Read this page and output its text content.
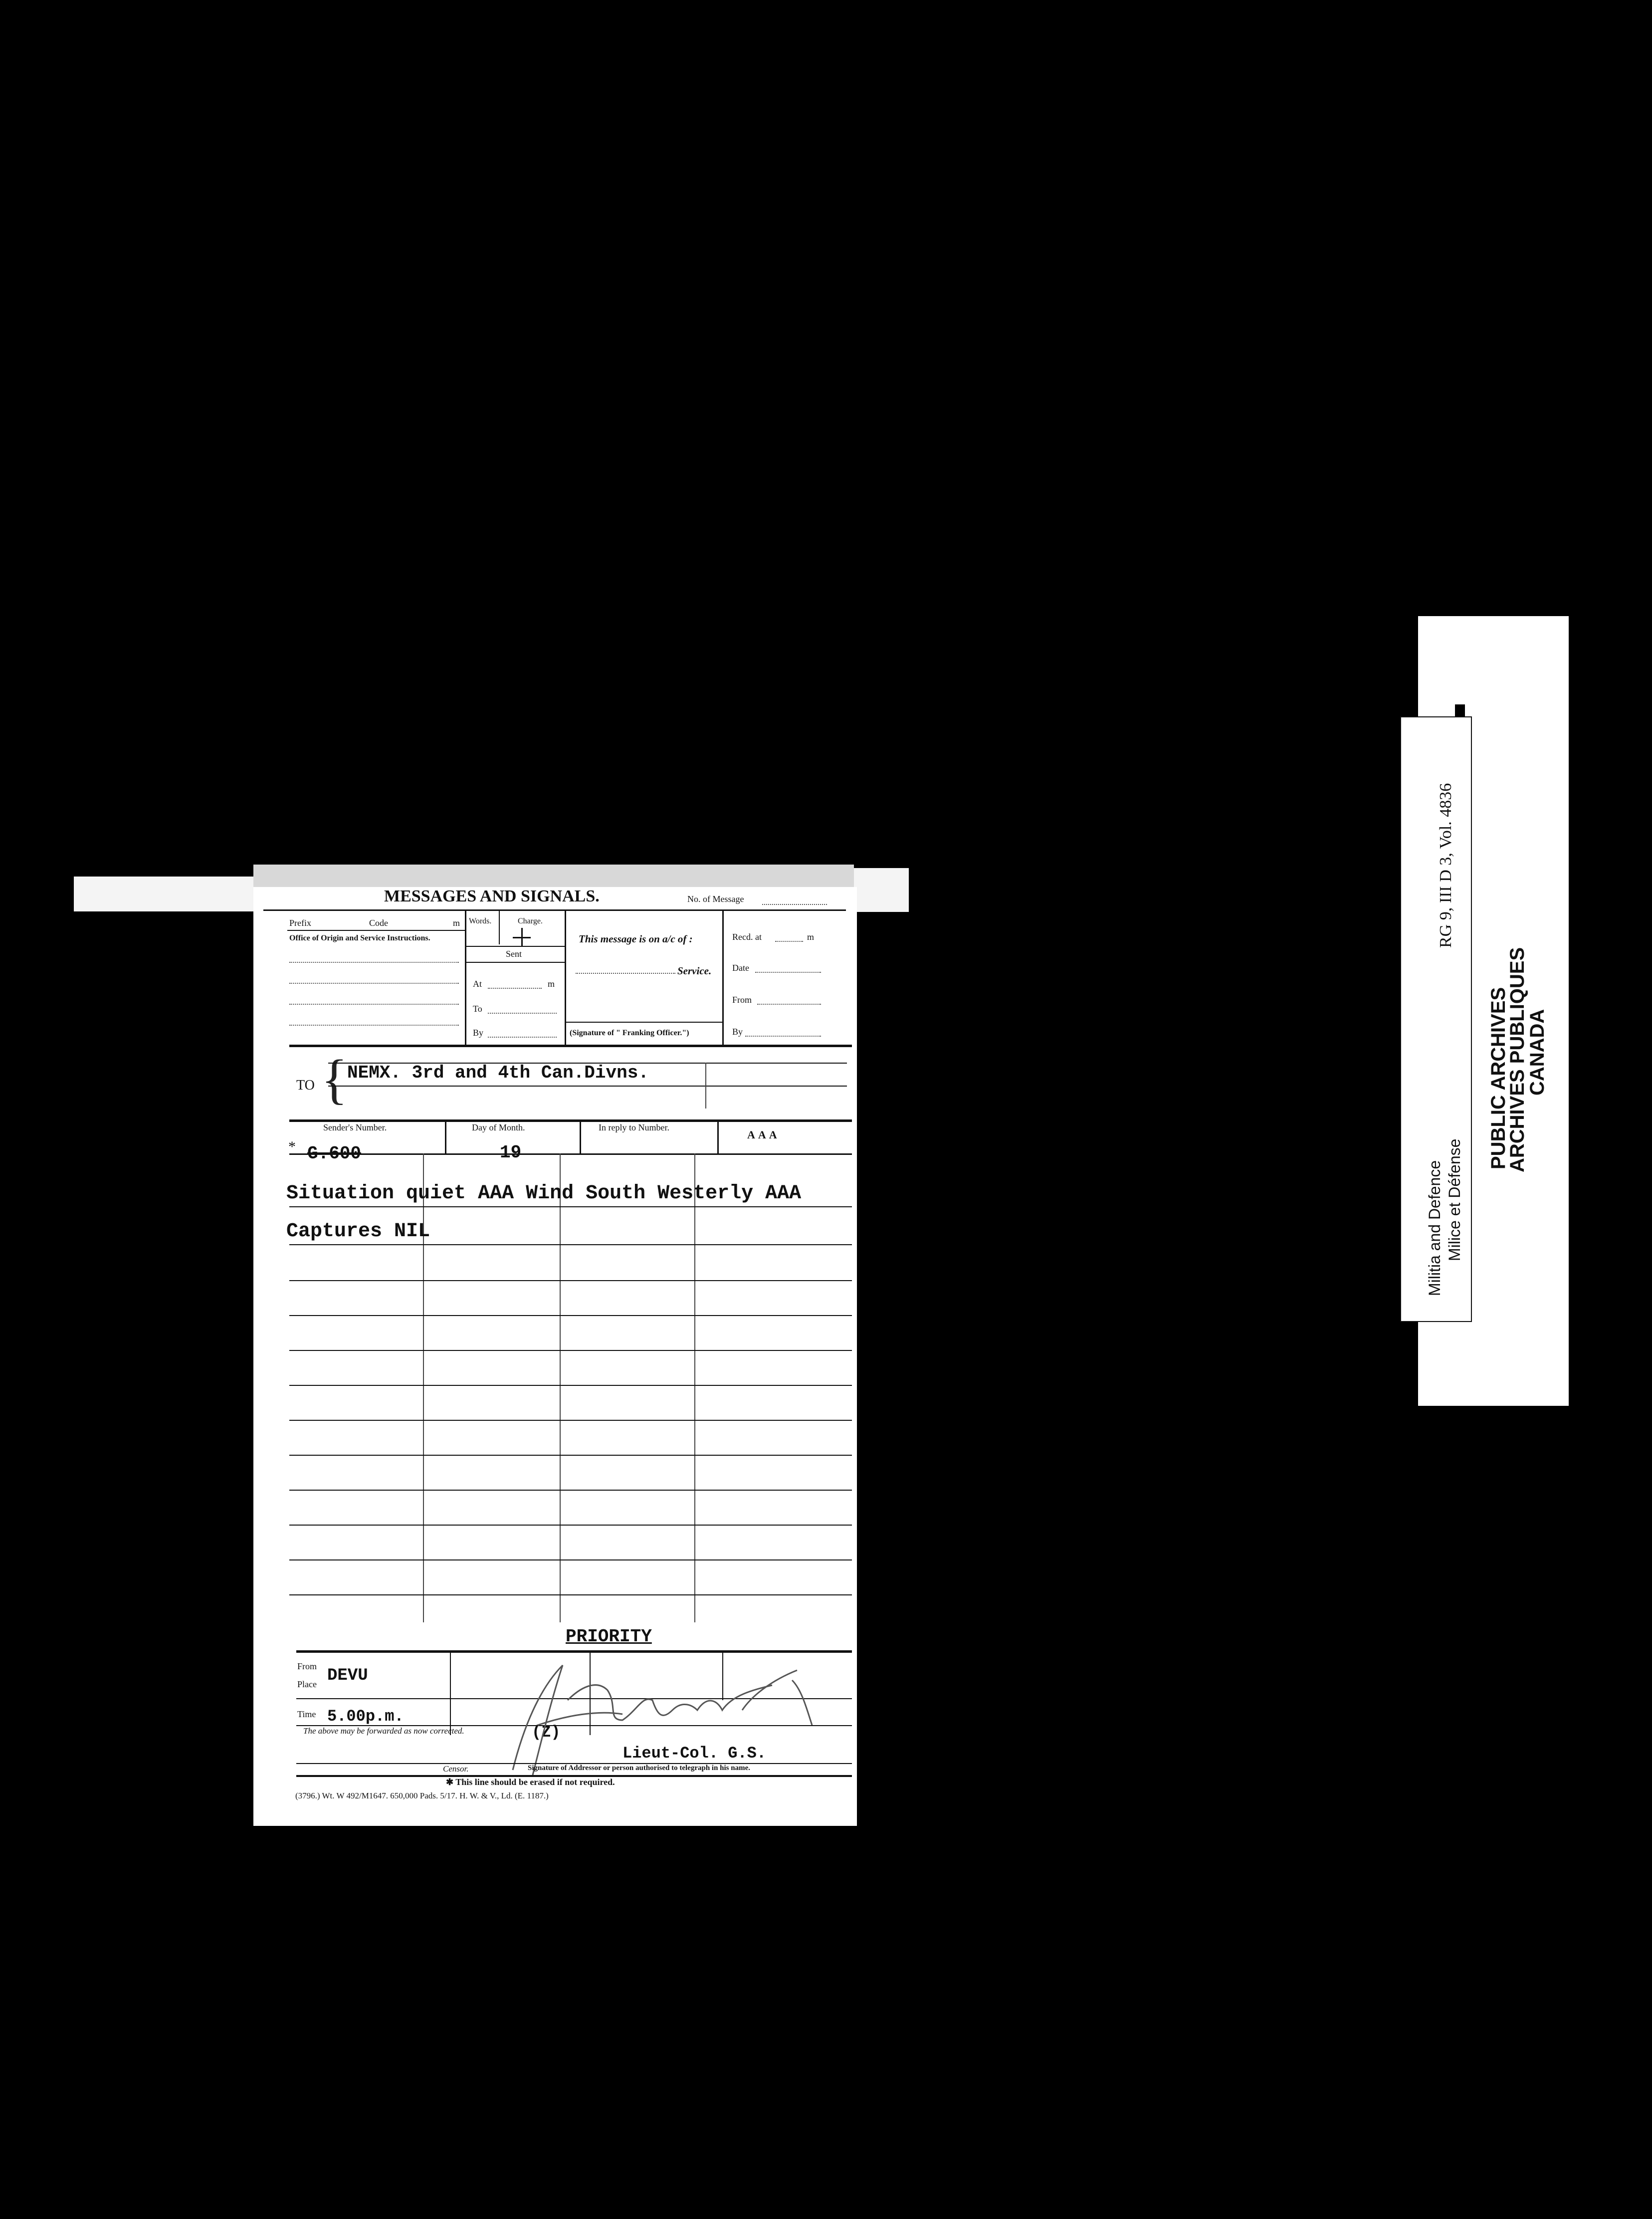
MESSAGES AND SIGNALS.	No. of Message
Prefix	Code	m
Office of Origin and Service Instructions.
Words.	Charge.
Sent
At	m
To
By
This message is on a/c of :
Service.
(Signature of " Franking Officer.")
Recd. at	m
Date
From
By
TO { NEMX. 3rd and 4th Can.Divns.
Sender's Number.	Day of Month.	In reply to Number.
AAA
* G.600	19
Situation quiet AAA Wind South Westerly AAA
Captures NIL
PRIORITY
From
Place DEVU
Time 5.00p.m.
The above may be forwarded as now corrected.	(Z)
Lieut-Col. G.S.
Censor.	Signature of Addressor or person authorised to telegraph in his name.
✱ This line should be erased if not required.
(3796.) Wt. W 492/M1647. 650,000 Pads. 5/17. H. W. & V., Ld. (E. 1187.)
RG 9, III D 3, Vol. 4836
Militia and Defence Milice et Défense
PUBLIC ARCHIVES
ARCHIVES PUBLIQUES
CANADA
